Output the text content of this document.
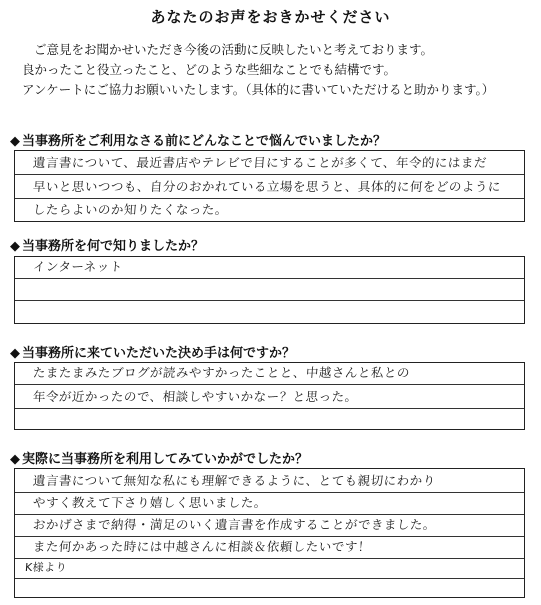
あなたのお声をおきかせください
ご意見をお聞かせいただき今後の活動に反映したいと考えております。
良かったこと役立ったこと、どのような些細なことでも結構です。
アンケートにご協力お願いいたします。（具体的に書いていただけると助かります。）
◆ 当事務所をご利用なさる前にどんなことで悩んでいましたか？
遺言書について、最近書店やテレビで目にすることが多くて、年令的にはまだ
早いと思いつつも、自分のおかれている立場を思うと、具体的に何をどのように
したらよいのか知りたくなった。
◆ 当事務所を何で知りましたか？
インターネット
◆ 当事務所に来ていただいた決め手は何ですか？
たまたまみたブログが読みやすかったことと、中越さんと私との
年令が近かったので、相談しやすいかなー？と思った。
◆ 実際に当事務所を利用してみていかがでしたか？
遺言書について無知な私にも理解できるように、とても親切にわかり
やすく教えて下さり嬉しく思いました。
おかげさまで納得・満足のいく遺言書を作成することができました。
また何かあった時には中越さんに相談＆依頼したいです！
K様より
